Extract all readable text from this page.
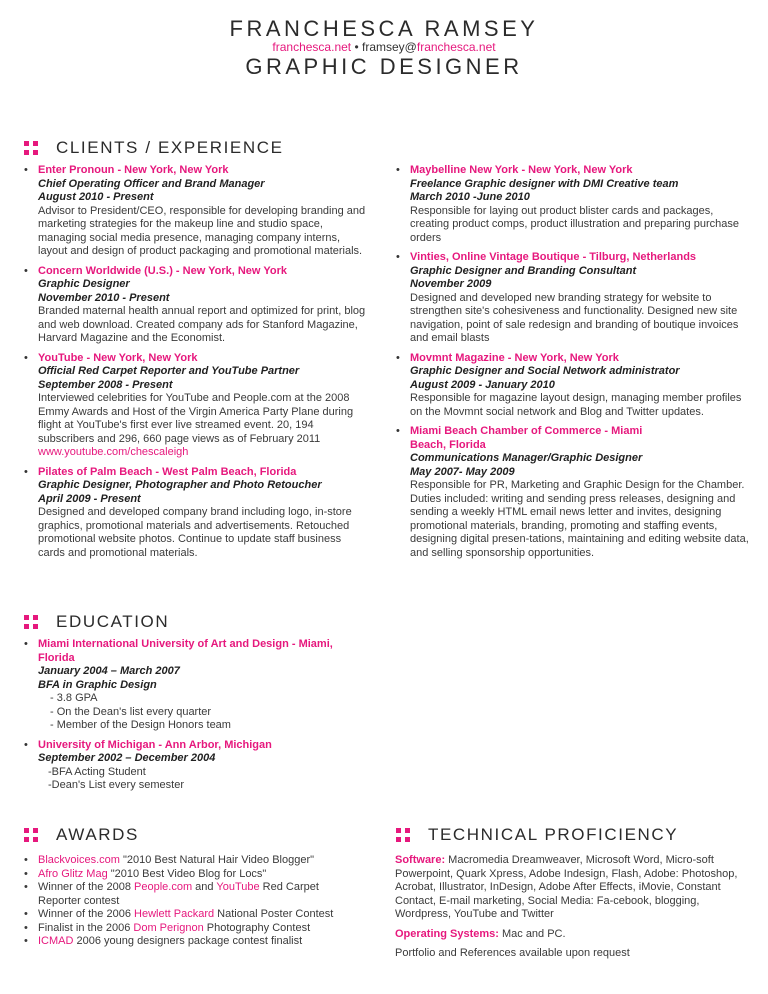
FRANCHESCA RAMSEY
franchesca.net • framsey@franchesca.net
GRAPHIC DESIGNER
CLIENTS / EXPERIENCE
• Enter Pronoun - New York, New York
Chief Operating Officer and Brand Manager
August 2010 - Present
Advisor to President/CEO, responsible for developing branding and marketing strategies for the makeup line and studio space, managing social media presence, managing company interns, layout and design of product packaging and promotional materials.
• Concern Worldwide (U.S.) - New York, New York
Graphic Designer
November 2010 - Present
Branded maternal health annual report and optimized for print, blog and web download. Created company ads for Stanford Magazine, Harvard Magazine and the Economist.
• YouTube - New York, New York
Official Red Carpet Reporter and YouTube Partner
September 2008 - Present
Interviewed celebrities for YouTube and People.com at the 2008 Emmy Awards and Host of the Virgin America Party Plane during flight at YouTube's first ever live streamed event. 20, 194 subscribers and 296, 660 page views as of February 2011 www.youtube.com/chescaleigh
• Pilates of Palm Beach - West Palm Beach, Florida
Graphic Designer, Photographer and Photo Retoucher
April 2009 - Present
Designed and developed company brand including logo, in-store graphics, promotional materials and advertisements. Retouched promotional website photos. Continue to update staff business cards and promotional materials.
• Maybelline New York - New York, New York
Freelance Graphic designer with DMI Creative team
March 2010 -June 2010
Responsible for laying out product blister cards and packages, creating product comps, product illustration and preparing purchase orders
• Vinties, Online Vintage Boutique - Tilburg, Netherlands
Graphic Designer and Branding Consultant
November 2009
Designed and developed new branding strategy for website to strengthen site's cohesiveness and functionality. Designed new site navigation, point of sale redesign and branding of boutique invoices and email blasts
• Movmnt Magazine - New York, New York
Graphic Designer and Social Network administrator
August 2009 - January 2010
Responsible for magazine layout design, managing member profiles on the Movmnt social network and Blog and Twitter updates.
• Miami Beach Chamber of Commerce - Miami Beach, Florida
Communications Manager/Graphic Designer
May 2007- May 2009
Responsible for PR, Marketing and Graphic Design for the Chamber. Duties included: writing and sending press releases, designing and sending a weekly HTML email news letter and invites, designing promotional materials, branding, promoting and staffing events, designing digital presen-tations, maintaining and editing website data, and selling sponsorship opportunities.
EDUCATION
• Miami International University of Art and Design - Miami, Florida
January 2004 – March 2007
BFA in Graphic Design
- 3.8 GPA
- On the Dean's list every quarter
- Member of the Design Honors team
• University of Michigan - Ann Arbor, Michigan
September 2002 – December 2004
-BFA Acting Student
-Dean's List every semester
AWARDS
• Blackvoices.com "2010 Best Natural Hair Video Blogger"
• Afro Glitz Mag "2010 Best Video Blog for Locs"
• Winner of the 2008 People.com and YouTube Red Carpet Reporter contest
• Winner of the 2006 Hewlett Packard National Poster Contest
• Finalist in the 2006 Dom Perignon Photography Contest
• ICMAD 2006 young designers package contest finalist
TECHNICAL PROFICIENCY
Software: Macromedia Dreamweaver, Microsoft Word, Micro-soft Powerpoint, Quark Xpress, Adobe Indesign, Flash, Adobe: Photoshop, Acrobat, Illustrator, InDesign, Adobe After Effects, iMovie, Constant Contact, E-mail marketing, Social Media: Fa-cebook, blogging, Wordpress, YouTube and Twitter
Operating Systems: Mac and PC.
Portfolio and References available upon request
